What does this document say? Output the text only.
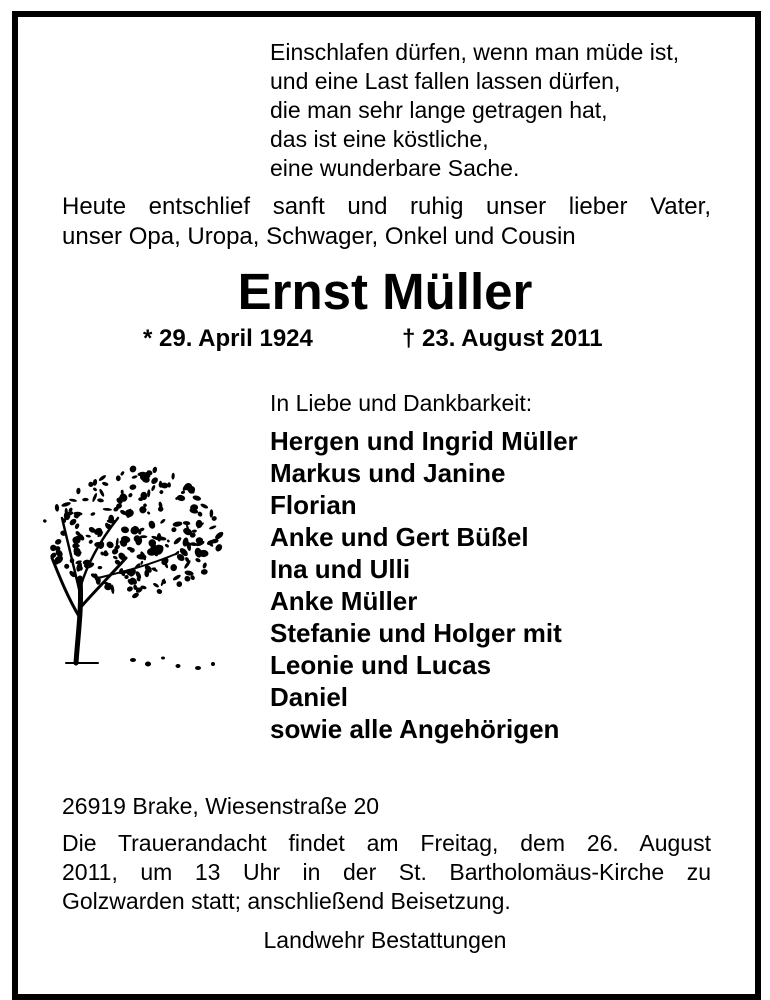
Einschlafen dürfen, wenn man müde ist,
und eine Last fallen lassen dürfen,
die man sehr lange getragen hat,
das ist eine köstliche,
eine wunderbare Sache.
Heute entschlief sanft und ruhig unser lieber Vater,
unser Opa, Uropa, Schwager, Onkel und Cousin
Ernst Müller
* 29. April 1924	† 23. August 2011
In Liebe und Dankbarkeit:
Hergen und Ingrid Müller
Markus und Janine
Florian
Anke und Gert Büßel
Ina und Ulli
Anke Müller
Stefanie und Holger mit
Leonie und Lucas
Daniel
sowie alle Angehörigen
26919 Brake, Wiesenstraße 20
Die Trauerandacht findet am Freitag, dem 26. August
2011, um 13 Uhr in der St. Bartholomäus-Kirche zu
Golzwarden statt; anschließend Beisetzung.
Landwehr Bestattungen
